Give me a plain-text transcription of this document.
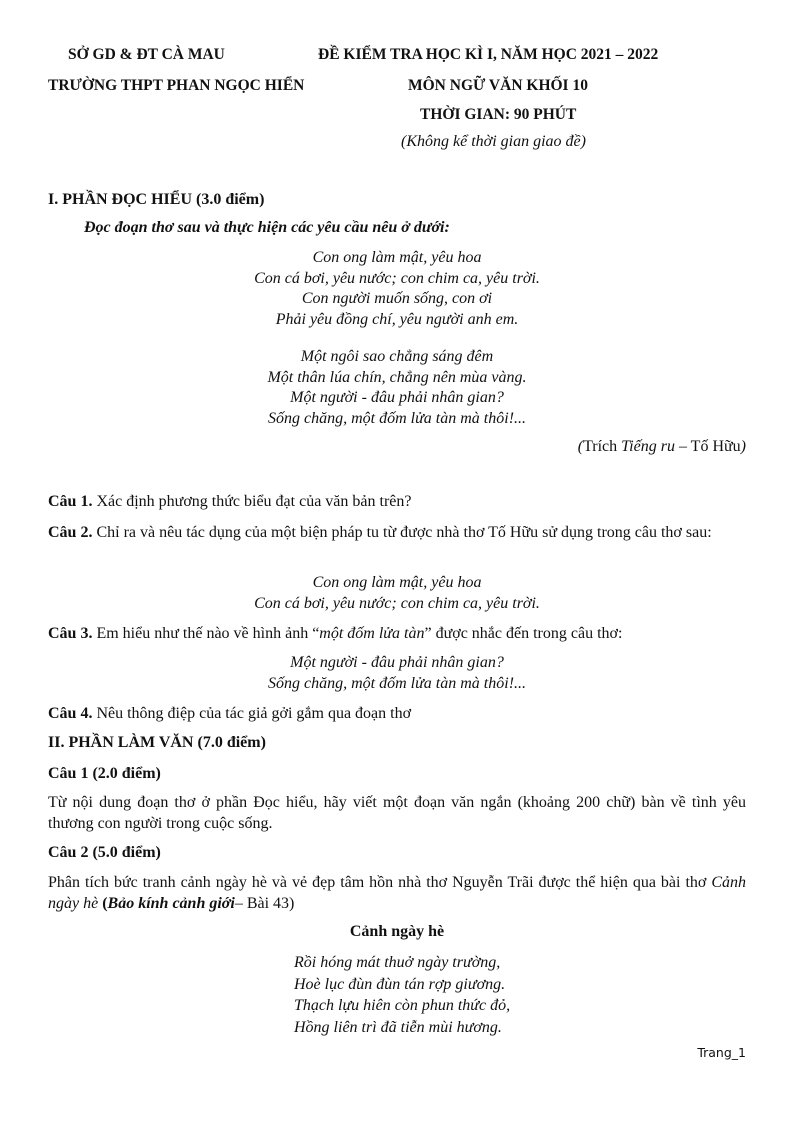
SỞ GD & ĐT CÀ MAU
TRƯỜNG THPT PHAN NGỌC HIỂN
ĐỀ KIỂM TRA HỌC KÌ I, NĂM HỌC 2021 – 2022
MÔN NGỮ VĂN KHỐI 10
THỜI GIAN: 90 PHÚT
(Không kể thời gian giao đề)
I. PHẦN ĐỌC HIỂU (3.0 điểm)
Đọc đoạn thơ sau và thực hiện các yêu cầu nêu ở dưới:
Con ong làm mật, yêu hoa
Con cá bơi, yêu nước; con chim ca, yêu trời.
Con người muốn sống, con ơi
Phải yêu đồng chí, yêu người anh em.
Một ngôi sao chẳng sáng đêm
Một thân lúa chín, chẳng nên mùa vàng.
Một người - đâu phải nhân gian?
Sống chăng, một đốm lửa tàn mà thôi!...
(Trích Tiếng ru – Tố Hữu)
Câu 1. Xác định phương thức biểu đạt của văn bản trên?
Câu 2. Chỉ ra và nêu tác dụng của một biện pháp tu từ được nhà thơ Tố Hữu sử dụng trong câu thơ sau:
Con ong làm mật, yêu hoa
Con cá bơi, yêu nước; con chim ca, yêu trời.
Câu 3. Em hiểu như thế nào về hình ảnh “một đốm lửa tàn” được nhắc đến trong câu thơ:
Một người - đâu phải nhân gian?
Sống chăng, một đốm lửa tàn mà thôi!...
Câu 4. Nêu thông điệp của tác giả gởi gắm qua đoạn thơ
II. PHẦN LÀM VĂN (7.0 điểm)
Câu 1 (2.0 điểm)
Từ nội dung đoạn thơ ở phần Đọc hiểu, hãy viết một đoạn văn ngắn (khoảng 200 chữ) bàn về tình yêu thương con người trong cuộc sống.
Câu 2 (5.0 điểm)
Phân tích bức tranh cảnh ngày hè và vẻ đẹp tâm hồn nhà thơ Nguyễn Trãi được thể hiện qua bài thơ Cảnh ngày hè (Bảo kính cảnh giới– Bài 43)
Cảnh ngày hè
Rồi hóng mát thuở ngày trường,
Hoè lục đùn đùn tán rợp giương.
Thạch lựu hiên còn phun thức đỏ,
Hồng liên trì đã tiễn mùi hương.
Trang_1
